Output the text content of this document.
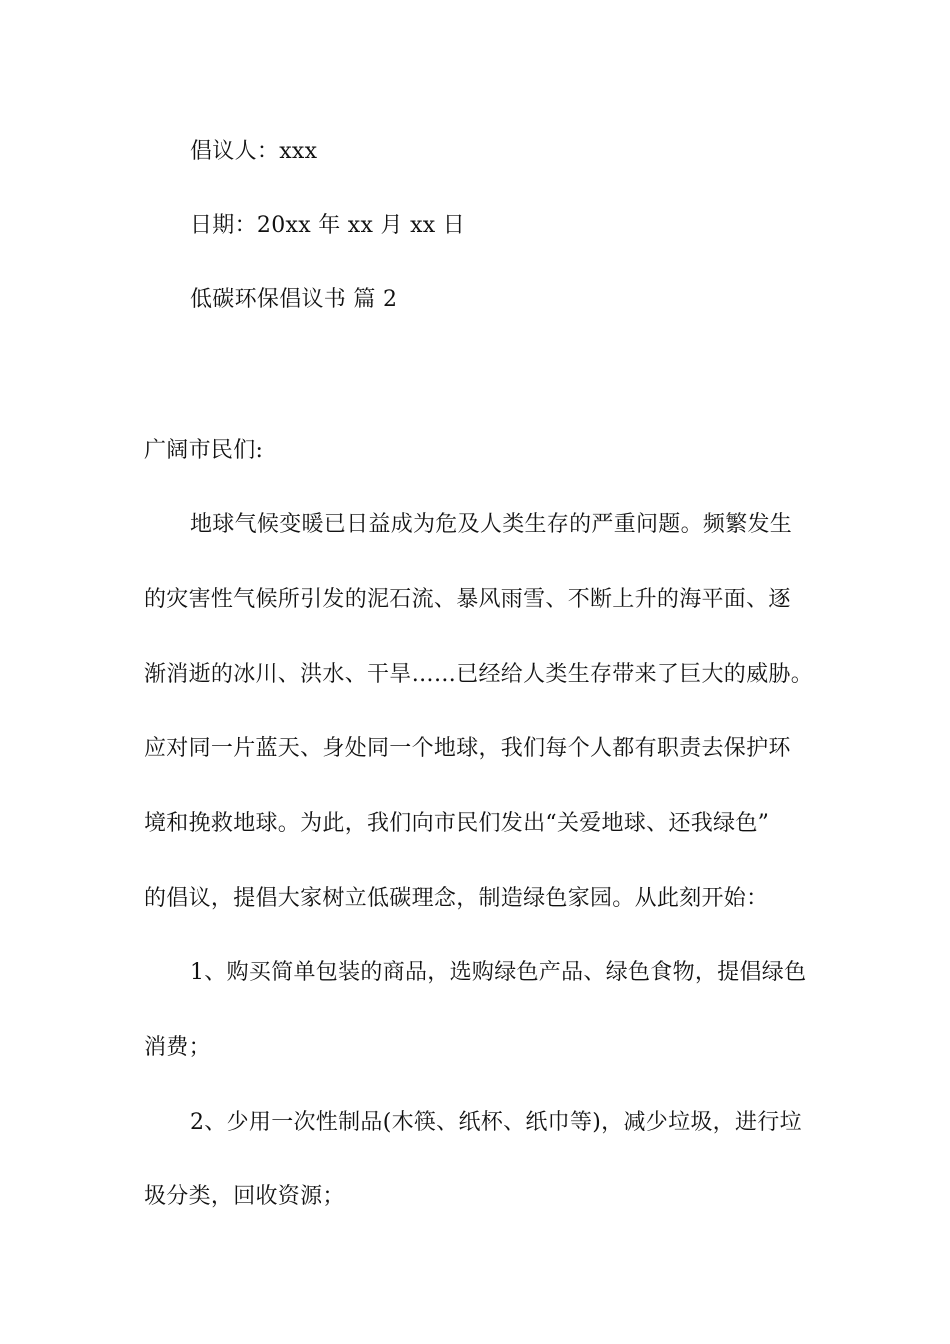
倡议人：xxx
日期：20xx 年 xx 月 xx 日
低碳环保倡议书 篇 2
广阔市民们:
地球气候变暖已日益成为危及人类生存的严重问题。频繁发生
的灾害性气候所引发的泥石流、暴风雨雪、不断上升的海平面、逐
渐消逝的冰川、洪水、干旱……已经给人类生存带来了巨大的威胁。
应对同一片蓝天、身处同一个地球，我们每个人都有职责去保护环
境和挽救地球。为此，我们向市民们发出“关爱地球、还我绿色”
的倡议，提倡大家树立低碳理念，制造绿色家园。从此刻开始：
1、购买简单包装的商品，选购绿色产品、绿色食物，提倡绿色
消费；
2、少用一次性制品(木筷、纸杯、纸巾等)，减少垃圾，进行垃
圾分类，回收资源；
